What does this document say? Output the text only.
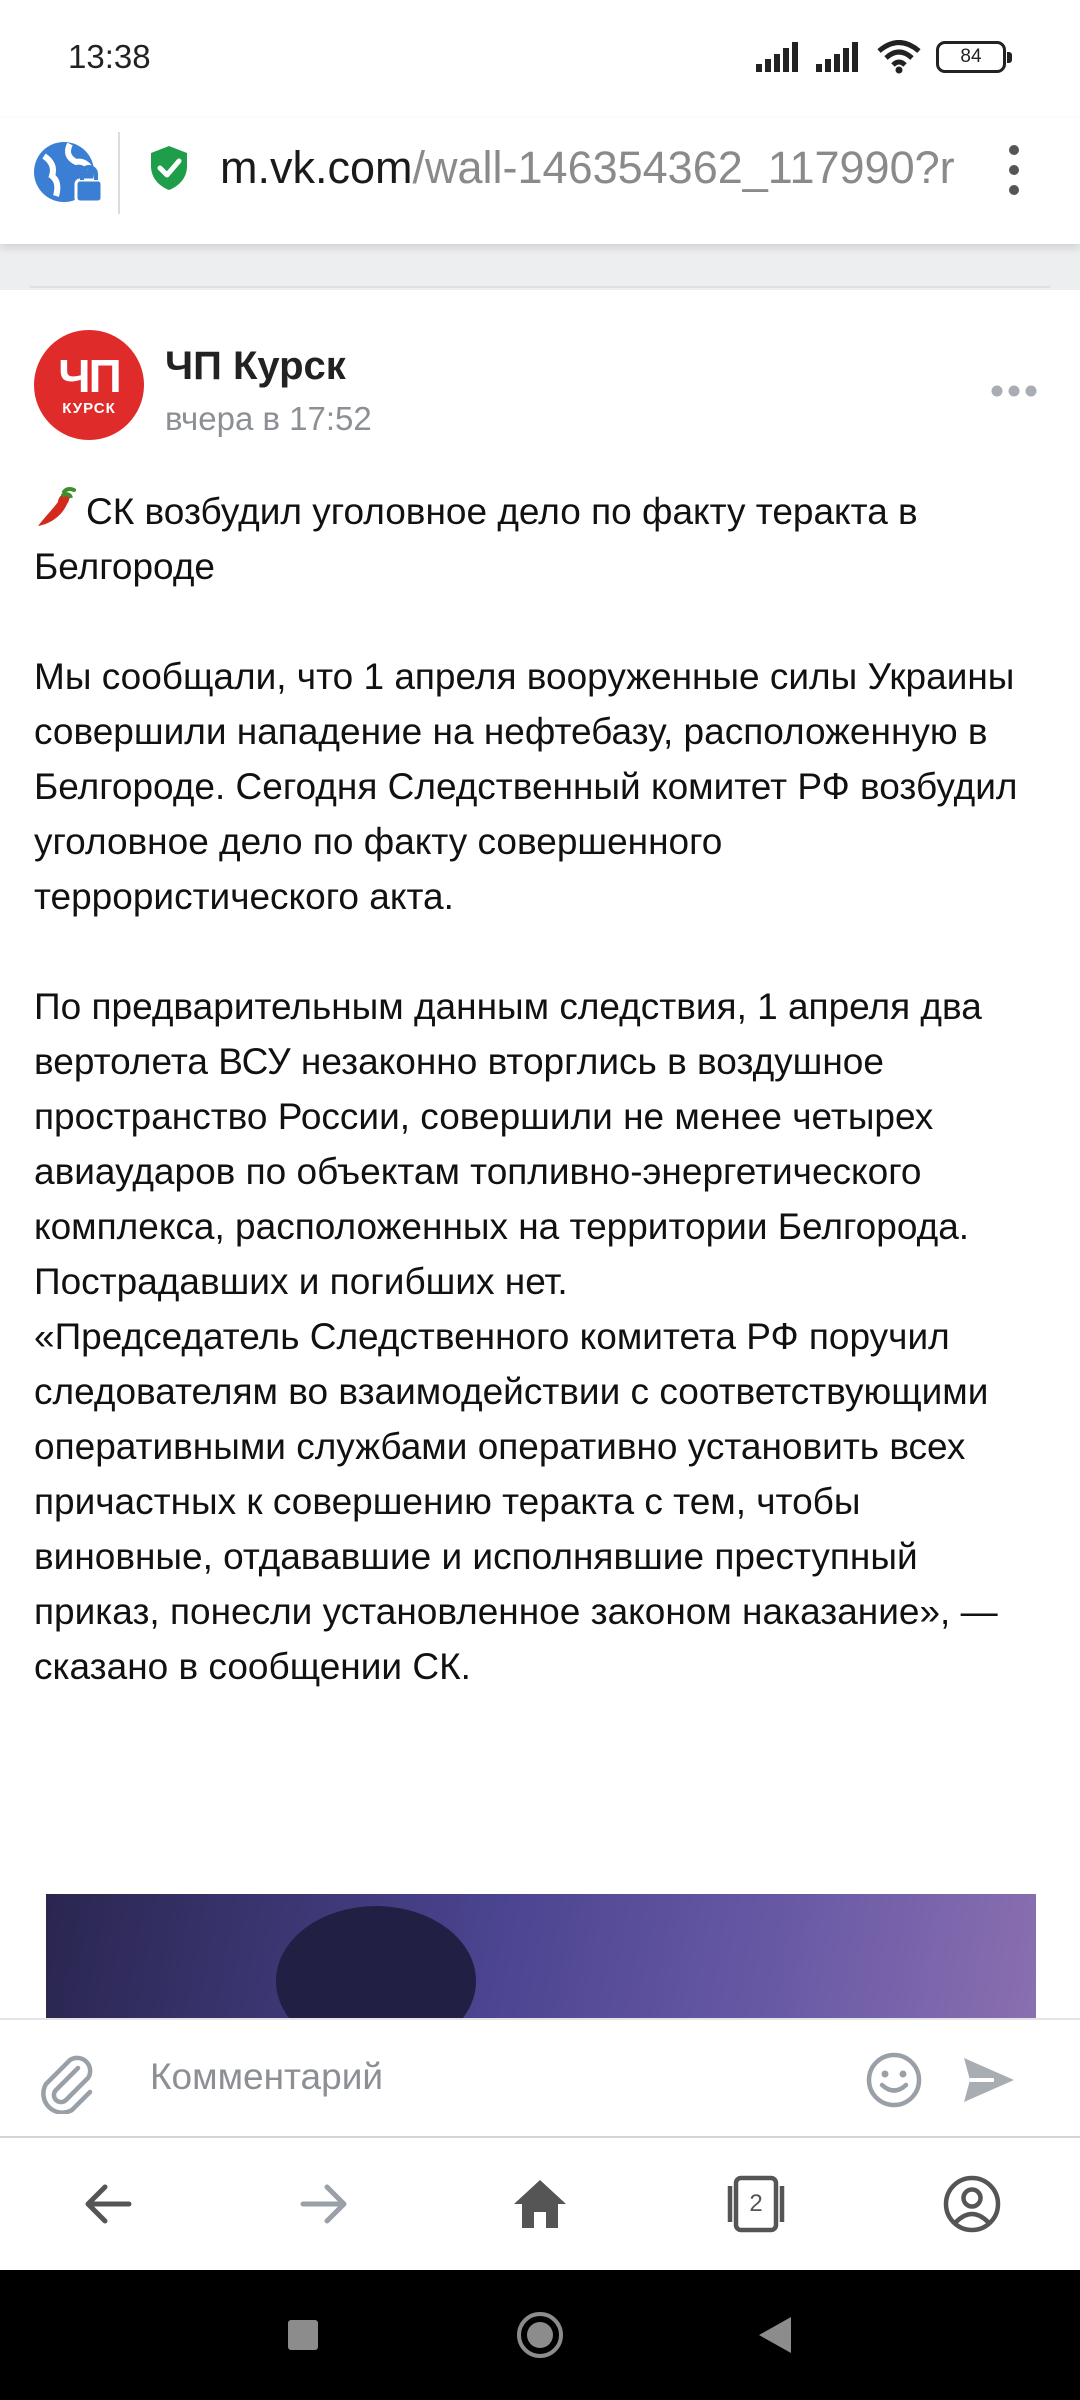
13:38	84
m.vk.com/wall-146354362_117990?r
ЧП
КУРСК
ЧП Курск
вчера в 17:52

СК возбудил уголовное дело по факту теракта в Белгороде

Мы сообщали, что 1 апреля вооруженные силы Украины совершили нападение на нефтебазу, расположенную в Белгороде. Сегодня Следственный комитет РФ возбудил уголовное дело по факту совершенного террористического акта.

По предварительным данным следствия, 1 апреля два вертолета ВСУ незаконно вторглись в воздушное пространство России, совершили не менее четырех авиаударов по объектам топливно-энергетического комплекса, расположенных на территории Белгорода. Пострадавших и погибших нет.

«Председатель Следственного комитета РФ поручил следователям во взаимодействии с соответствующими оперативными службами оперативно установить всех причастных к совершению теракта с тем, чтобы виновные, отдававшие и исполнявшие преступный приказ, понесли установленное законом наказание», — сказано в сообщении СК.

Комментарий
2
